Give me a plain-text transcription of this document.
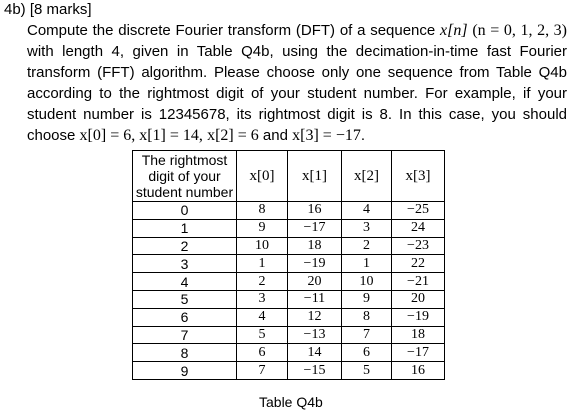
4b) [8 marks]
Compute the discrete Fourier transform (DFT) of a sequence x[n] (n = 0, 1, 2, 3) with length 4, given in Table Q4b, using the decimation-in-time fast Fourier transform (FFT) algorithm. Please choose only one sequence from Table Q4b according to the rightmost digit of your student number. For example, if your student number is 12345678, its rightmost digit is 8. In this case, you should choose x[0] = 6, x[1] = 14, x[2] = 6 and x[3] = −17.
The rightmost
digit of your
student number	x[0]	x[1]	x[2]	x[3]
0	8	16	4	−25
1	9	−17	3	24
2	10	18	2	−23
3	1	−19	1	22
4	2	20	10	−21
5	3	−11	9	20
6	4	12	8	−19
7	5	−13	7	18
8	6	14	6	−17
9	7	−15	5	16
Table Q4b
